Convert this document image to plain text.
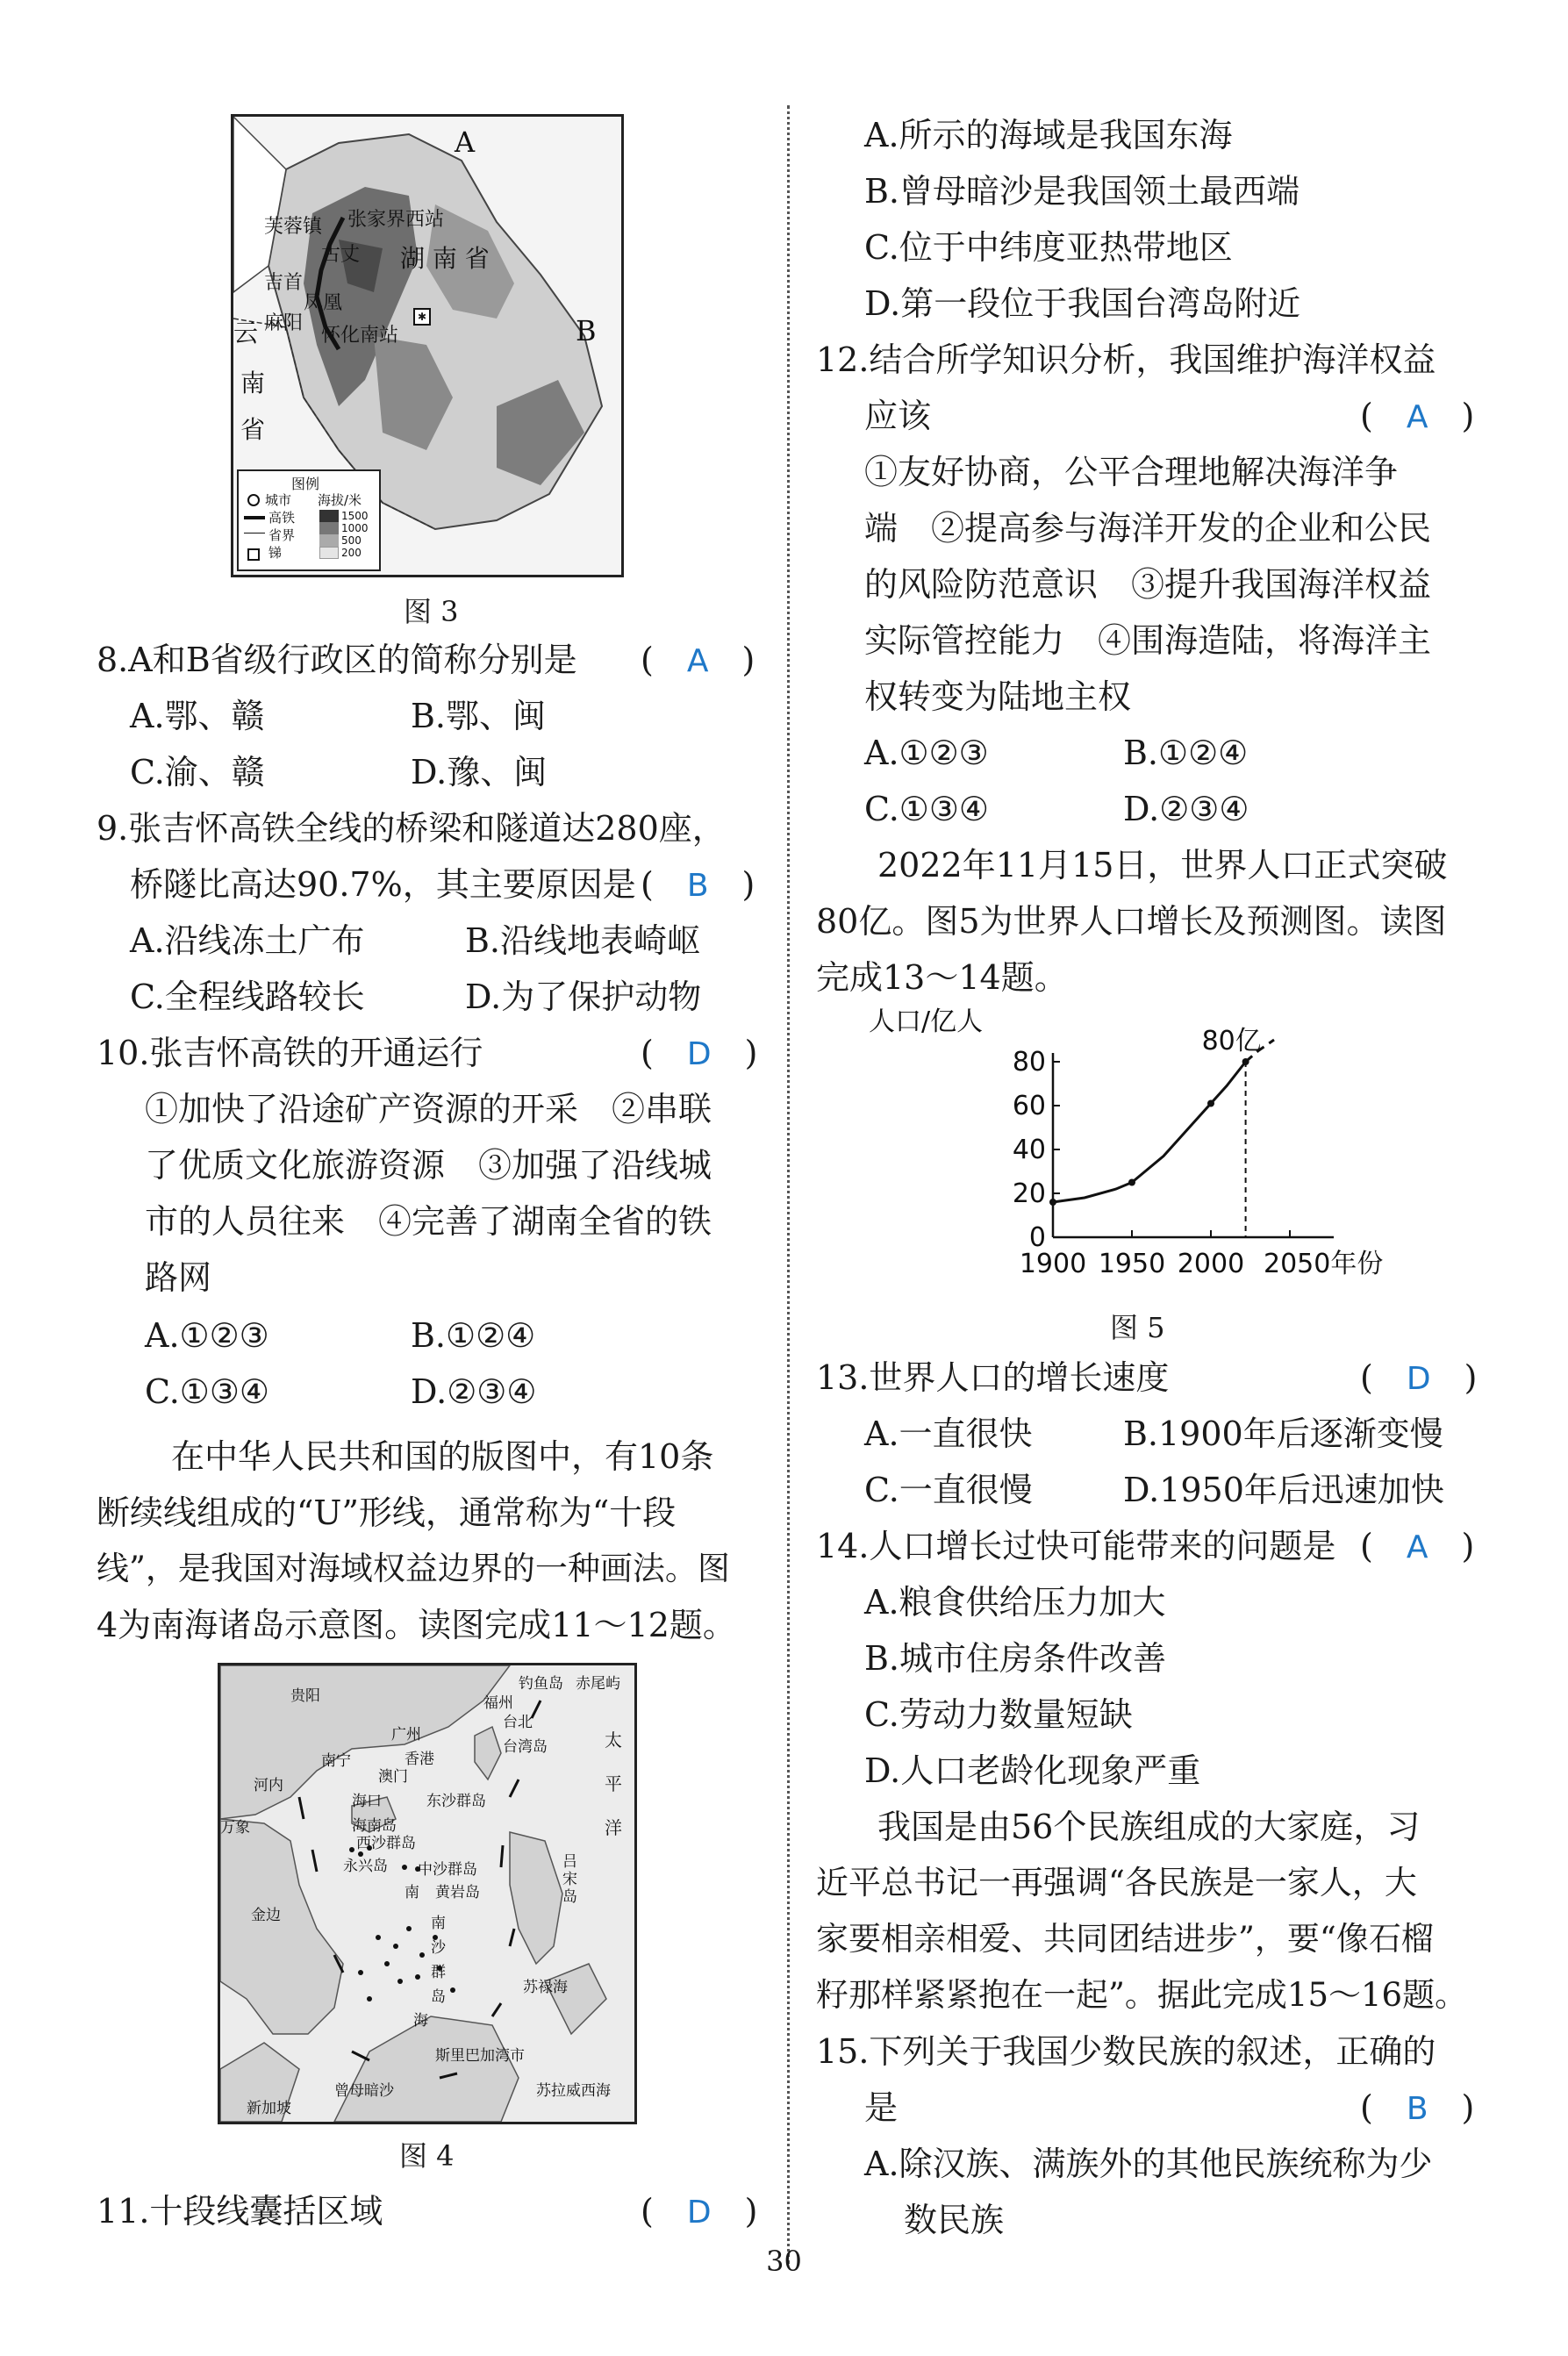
A
B
张家界西站
芙蓉镇
古丈
吉首
凤凰
麻阳
怀化南站
湖 南 省
云
南
省
✱
图例
城市 海拔/米
高铁
省界
锑
1500
1000
500
200
图 3
8.A和B省级行政区的简称分别是 (　A　)
A.鄂、赣	B.鄂、闽
C.渝、赣	D.豫、闽
9.张吉怀高铁全线的桥梁和隧道达280座，
桥隧比高达90.7%，其主要原因是 (　B　)
A.沿线冻土广布	B.沿线地表崎岖
C.全程线路较长	D.为了保护动物
10.张吉怀高铁的开通运行	(　D　)
①加快了沿途矿产资源的开采　②串联
了优质文化旅游资源　③加强了沿线城
市的人员往来　④完善了湖南全省的铁
路网
A.①②③	B.①②④
C.①③④	D.②③④
在中华人民共和国的版图中，有10条
断续线组成的“U”形线，通常称为“十段
线”，是我国对海域权益边界的一种画法。图
4为南海诸岛示意图。读图完成11～12题。
贵阳	福州
钓鱼岛 赤尾屿
台北
台湾岛
南宁
广州
香港
澳门
太平洋
河内
海口
海南岛
东沙群岛
万象
西沙群岛
永兴岛 中沙群岛
黄岩岛
南
吕宋岛
金边	南沙群岛
海
苏禄海
斯里巴加湾市
曾母暗沙	苏拉威西海
新加坡
图 4
11.十段线囊括区域	(　D　)
A.所示的海域是我国东海
B.曾母暗沙是我国领土最西端
C.位于中纬度亚热带地区
D.第一段位于我国台湾岛附近
12.结合所学知识分析，我国维护海洋权益
应该	(　A　)
①友好协商，公平合理地解决海洋争
端　②提高参与海洋开发的企业和公民
的风险防范意识　③提升我国海洋权益
实际管控能力　④围海造陆，将海洋主
权转变为陆地主权
A.①②③	B.①②④
C.①③④	D.②③④
2022年11月15日，世界人口正式突破
80亿。图5为世界人口增长及预测图。读图
完成13～14题。
人口/亿人
0
20
40
60
80
1900 1950 2000 2050年份
80亿
图 5
13.世界人口的增长速度	(　D　)
A.一直很快	B.1900年后逐渐变慢
C.一直很慢	D.1950年后迅速加快
14.人口增长过快可能带来的问题是 (　A　)
A.粮食供给压力加大
B.城市住房条件改善
C.劳动力数量短缺
D.人口老龄化现象严重
我国是由56个民族组成的大家庭，习
近平总书记一再强调“各民族是一家人，大
家要相亲相爱、共同团结进步”，要“像石榴
籽那样紧紧抱在一起”。据此完成15～16题。
15.下列关于我国少数民族的叙述，正确的
是	(　B　)
A.除汉族、满族外的其他民族统称为少
数民族
30
